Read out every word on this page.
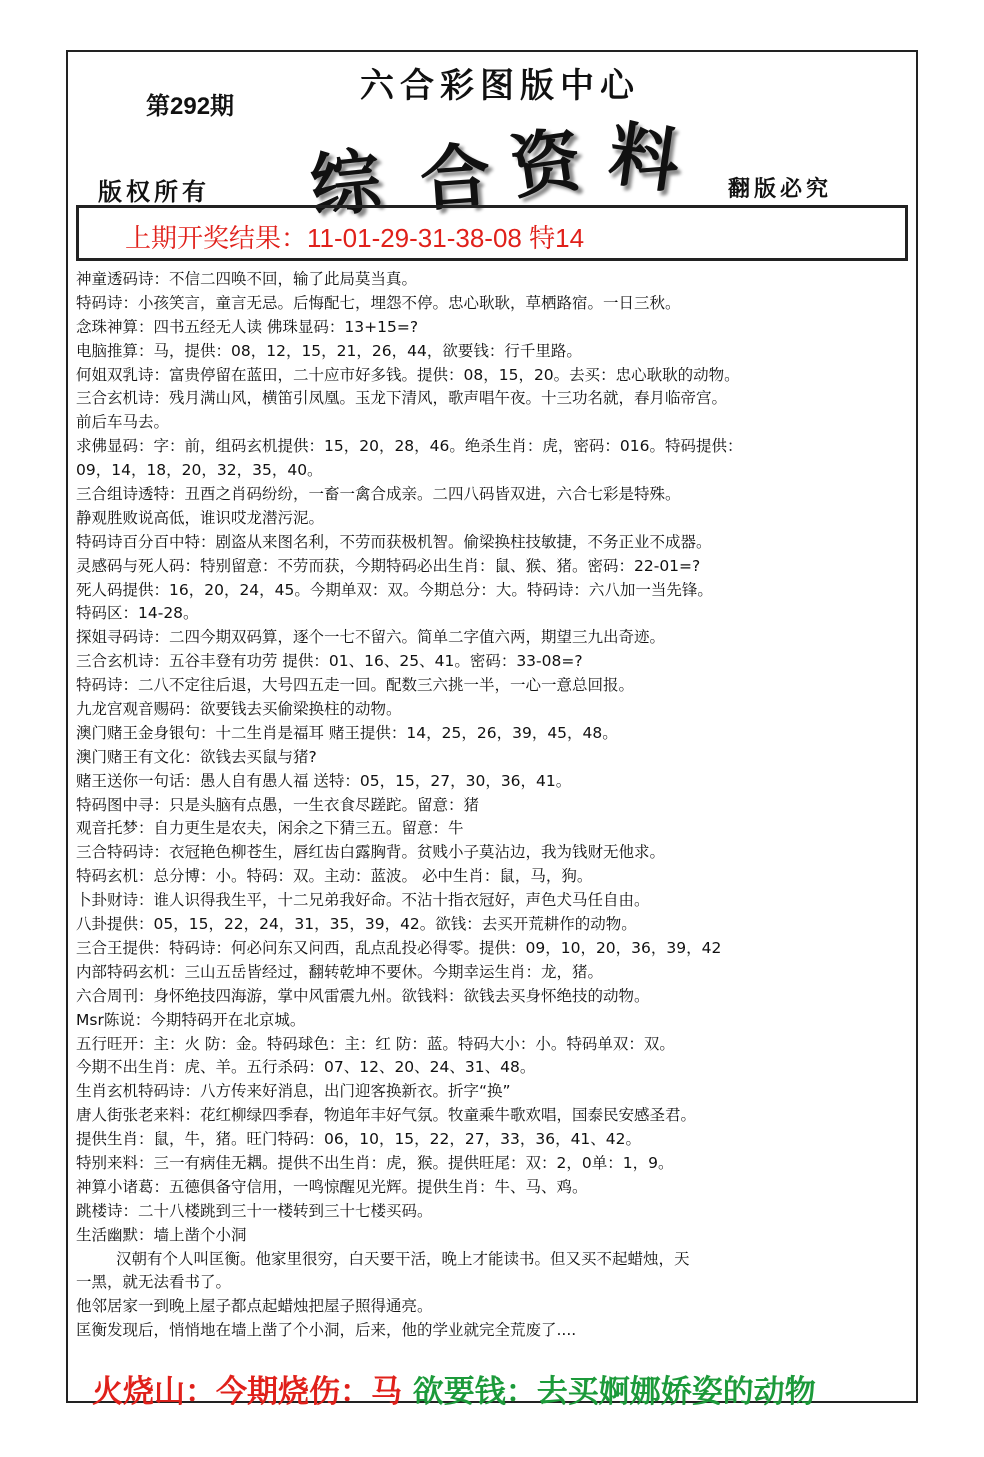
第292期
六合彩图版中心
综 合 资 料
版权所有	翻版必究
上期开奖结果：11-01-29-31-38-08 特14
神童透码诗：不信二四唤不回，输了此局莫当真。
特码诗：小孩笑言，童言无忌。后悔配七，埋怨不停。忠心耿耿，草栖路宿。一日三秋。
念珠神算：四书五经无人读 佛珠显码：13+15=?
电脑推算：马，提供：08，12，15，21，26，44，欲要钱：行千里路。
何姐双乳诗：富贵停留在蓝田，二十应市好多钱。提供：08，15，20。去买：忠心耿耿的动物。
三合玄机诗：残月满山风，横笛引凤凰。玉龙下清风，歌声唱午夜。十三功名就，春月临帝宫。
前后车马去。
求佛显码：字：前，组码玄机提供：15，20，28，46。绝杀生肖：虎，密码：016。特码提供：
09，14，18，20，32，35，40。
三合组诗透特：丑酉之肖码纷纷，一畜一禽合成亲。二四八码皆双进，六合七彩是特殊。
静观胜败说高低，谁识哎龙潜污泥。
特码诗百分百中特：剧盗从来图名利，不劳而获极机智。偷梁换柱技敏捷，不务正业不成器。
灵感码与死人码：特别留意：不劳而获，今期特码必出生肖：鼠、猴、猪。密码：22-01=?
死人码提供：16，20，24，45。今期单双：双。今期总分：大。特码诗：六八加一当先锋。
特码区：14-28。
探姐寻码诗：二四今期双码算，逐个一七不留六。简单二字值六两，期望三九出奇迹。
三合玄机诗：五谷丰登有功劳 提供：01、16、25、41。密码：33-08=?
特码诗：二八不定往后退，大号四五走一回。配数三六挑一半，一心一意总回报。
九龙宫观音赐码：欲要钱去买偷梁换柱的动物。
澳门赌王金身银句：十二生肖是福耳 赌王提供：14，25，26，39，45，48。
澳门赌王有文化：欲钱去买鼠与猪?
赌王送你一句话：愚人自有愚人福 送特：05，15，27，30，36，41。
特码图中寻：只是头脑有点愚，一生衣食尽蹉跎。留意：猪
观音托梦：自力更生是农夫，闲余之下猜三五。留意：牛
三合特码诗：衣冠艳色柳苍生，唇红齿白露胸背。贫贱小子莫沾边，我为钱财无他求。
特码玄机：总分博：小。特码：双。主动：蓝波。 必中生肖：鼠，马，狗。
卜卦财诗：谁人识得我生平，十二兄弟我好命。不沾十指衣冠好，声色犬马任自由。
八卦提供：05，15，22，24，31，35，39，42。欲钱：去买开荒耕作的动物。
三合王提供：特码诗：何必问东又问西，乱点乱投必得零。提供：09，10，20，36，39，42
内部特码玄机：三山五岳皆经过，翻转乾坤不要休。今期幸运生肖：龙，猪。
六合周刊：身怀绝技四海游，掌中风雷震九州。欲钱料：欲钱去买身怀绝技的动物。
Msr陈说：今期特码开在北京城。
五行旺开：主：火 防：金。特码球色：主：红 防：蓝。特码大小：小。特码单双：双。
今期不出生肖：虎、羊。五行杀码：07、12、20、24、31、48。
生肖玄机特码诗：八方传来好消息，出门迎客换新衣。折字“换”
唐人街张老来料：花红柳绿四季春，物追年丰好气氛。牧童乘牛歌欢唱，国泰民安感圣君。
提供生肖：鼠，牛，猪。旺门特码：06，10，15，22，27，33，36，41、42。
特别来料：三一有病佳无耦。提供不出生肖：虎，猴。提供旺尾：双：2，0单：1，9。
神算小诸葛：五德俱备守信用，一鸣惊醒见光辉。提供生肖：牛、马、鸡。
跳楼诗：二十八楼跳到三十一楼转到三十七楼买码。
生活幽默：墙上凿个小洞
汉朝有个人叫匡衡。他家里很穷，白天要干活，晚上才能读书。但又买不起蜡烛，天
一黑，就无法看书了。
他邻居家一到晚上屋子都点起蜡烛把屋子照得通亮。
匡衡发现后，悄悄地在墙上凿了个小洞，后来，他的学业就完全荒废了....
火烧山：今期烧伤：马 欲要钱：去买婀娜娇姿的动物
